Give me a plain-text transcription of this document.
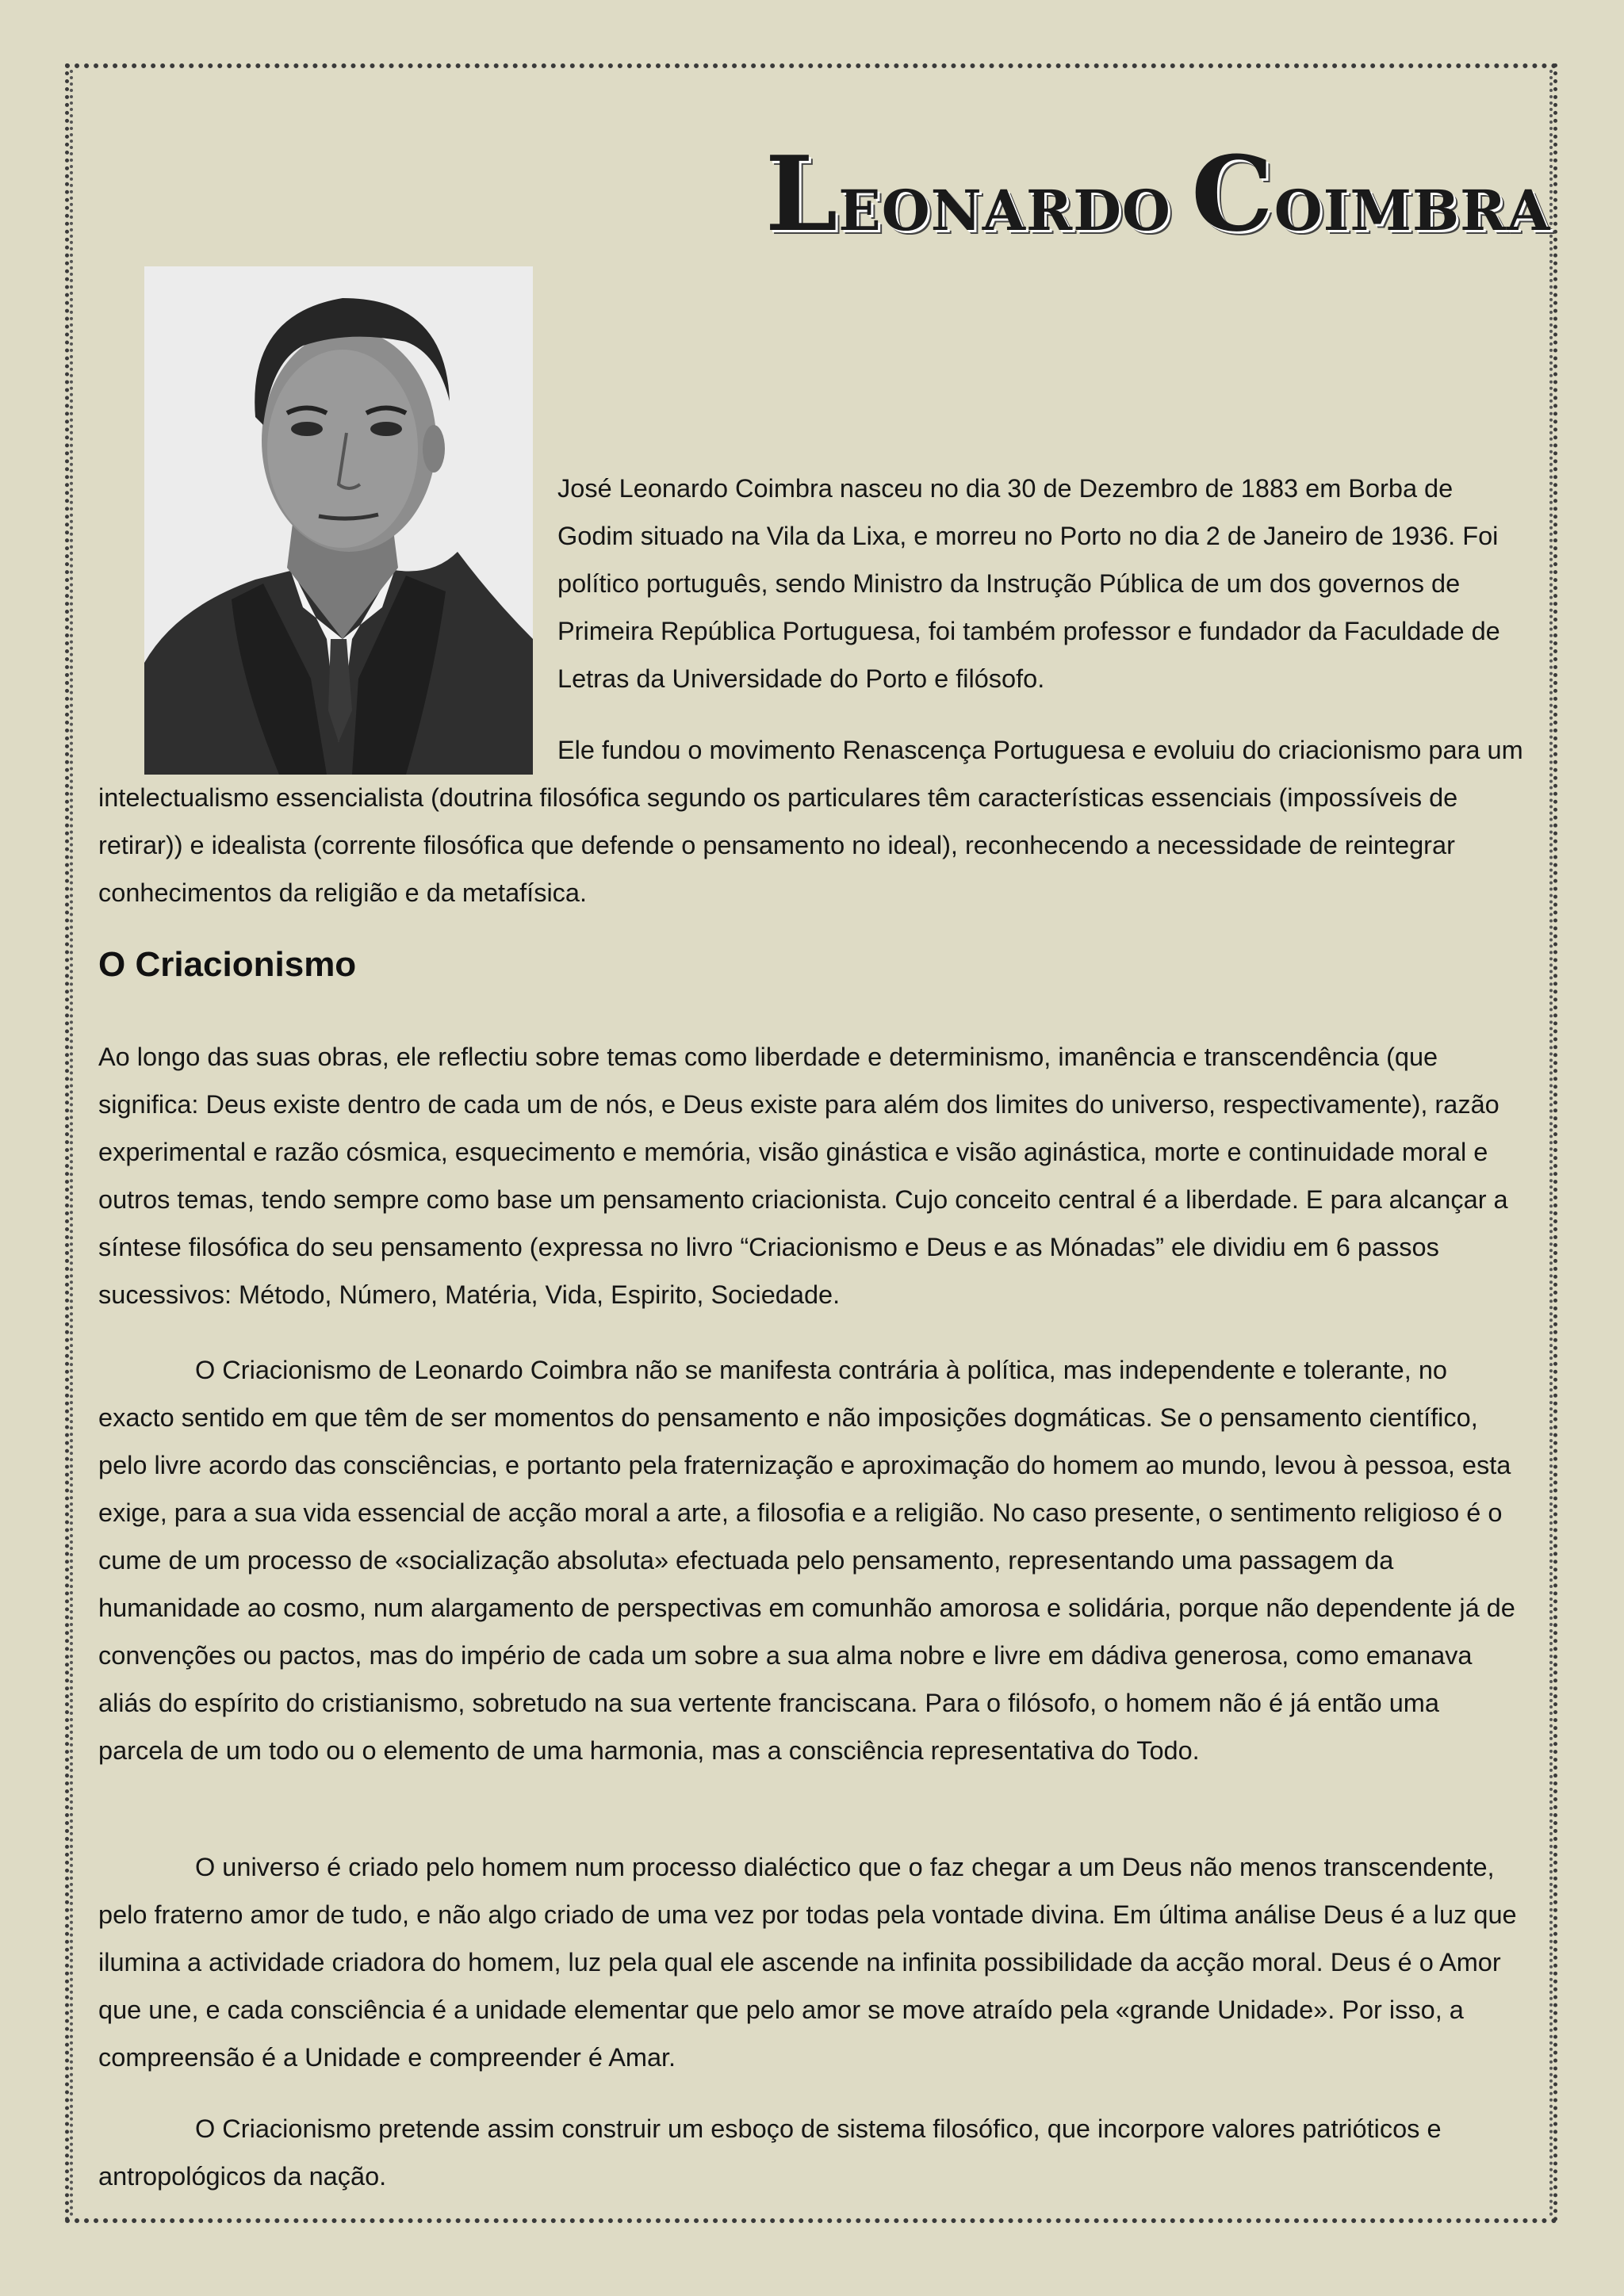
LEONARDO COIMBRA

José Leonardo Coimbra nasceu no dia 30 de Dezembro de 1883 em Borba de Godim situado na Vila da Lixa, e morreu no Porto no dia 2 de Janeiro de 1936. Foi político português, sendo Ministro da Instrução Pública de um dos governos de Primeira República Portuguesa, foi também professor e fundador da Faculdade de Letras da Universidade do Porto e filósofo.

Ele fundou o movimento Renascença Portuguesa e evoluiu do criacionismo para um intelectualismo essencialista (doutrina filosófica segundo os particulares têm características essenciais (impossíveis de retirar)) e idealista (corrente filosófica que defende o pensamento no ideal), reconhecendo a necessidade de reintegrar conhecimentos da religião e da metafísica.

O Criacionismo

Ao longo das suas obras, ele reflectiu sobre temas como liberdade e determinismo, imanência e transcendência (que significa: Deus existe dentro de cada um de nós, e Deus existe para além dos limites do universo, respectivamente), razão experimental e razão cósmica, esquecimento e memória, visão ginástica e visão aginástica, morte e continuidade moral e outros temas, tendo sempre como base um pensamento criacionista. Cujo conceito central é a liberdade. E para alcançar a síntese filosófica do seu pensamento (expressa no livro “Criacionismo e Deus e as Mónadas” ele dividiu em 6 passos sucessivos: Método, Número, Matéria, Vida, Espirito, Sociedade.

O Criacionismo de Leonardo Coimbra não se manifesta contrária à política, mas independente e tolerante, no exacto sentido em que têm de ser momentos do pensamento e não imposições dogmáticas. Se o pensamento científico, pelo livre acordo das consciências, e portanto pela fraternização e aproximação do homem ao mundo, levou à pessoa, esta exige, para a sua vida essencial de acção moral a arte, a filosofia e a religião. No caso presente, o sentimento religioso é o cume de um processo de «socialização absoluta» efectuada pelo pensamento, representando uma passagem da humanidade ao cosmo, num alargamento de perspectivas em comunhão amorosa e solidária, porque não dependente já de convenções ou pactos, mas do império de cada um sobre a sua alma nobre e livre em dádiva generosa, como emanava aliás do espírito do cristianismo, sobretudo na sua vertente franciscana. Para o filósofo, o homem não é já então uma parcela de um todo ou o elemento de uma harmonia, mas a consciência representativa do Todo.

O universo é criado pelo homem num processo dialéctico que o faz chegar a um Deus não menos transcendente, pelo fraterno amor de tudo, e não algo criado de uma vez por todas pela vontade divina. Em última análise Deus é a luz que ilumina a actividade criadora do homem, luz pela qual ele ascende na infinita possibilidade da acção moral. Deus é o Amor que une, e cada consciência é a unidade elementar que pelo amor se move atraído pela «grande Unidade». Por isso, a compreensão é a Unidade e compreender é Amar.

O Criacionismo pretende assim construir um esboço de sistema filosófico, que incorpore valores patrióticos e antropológicos da nação.
